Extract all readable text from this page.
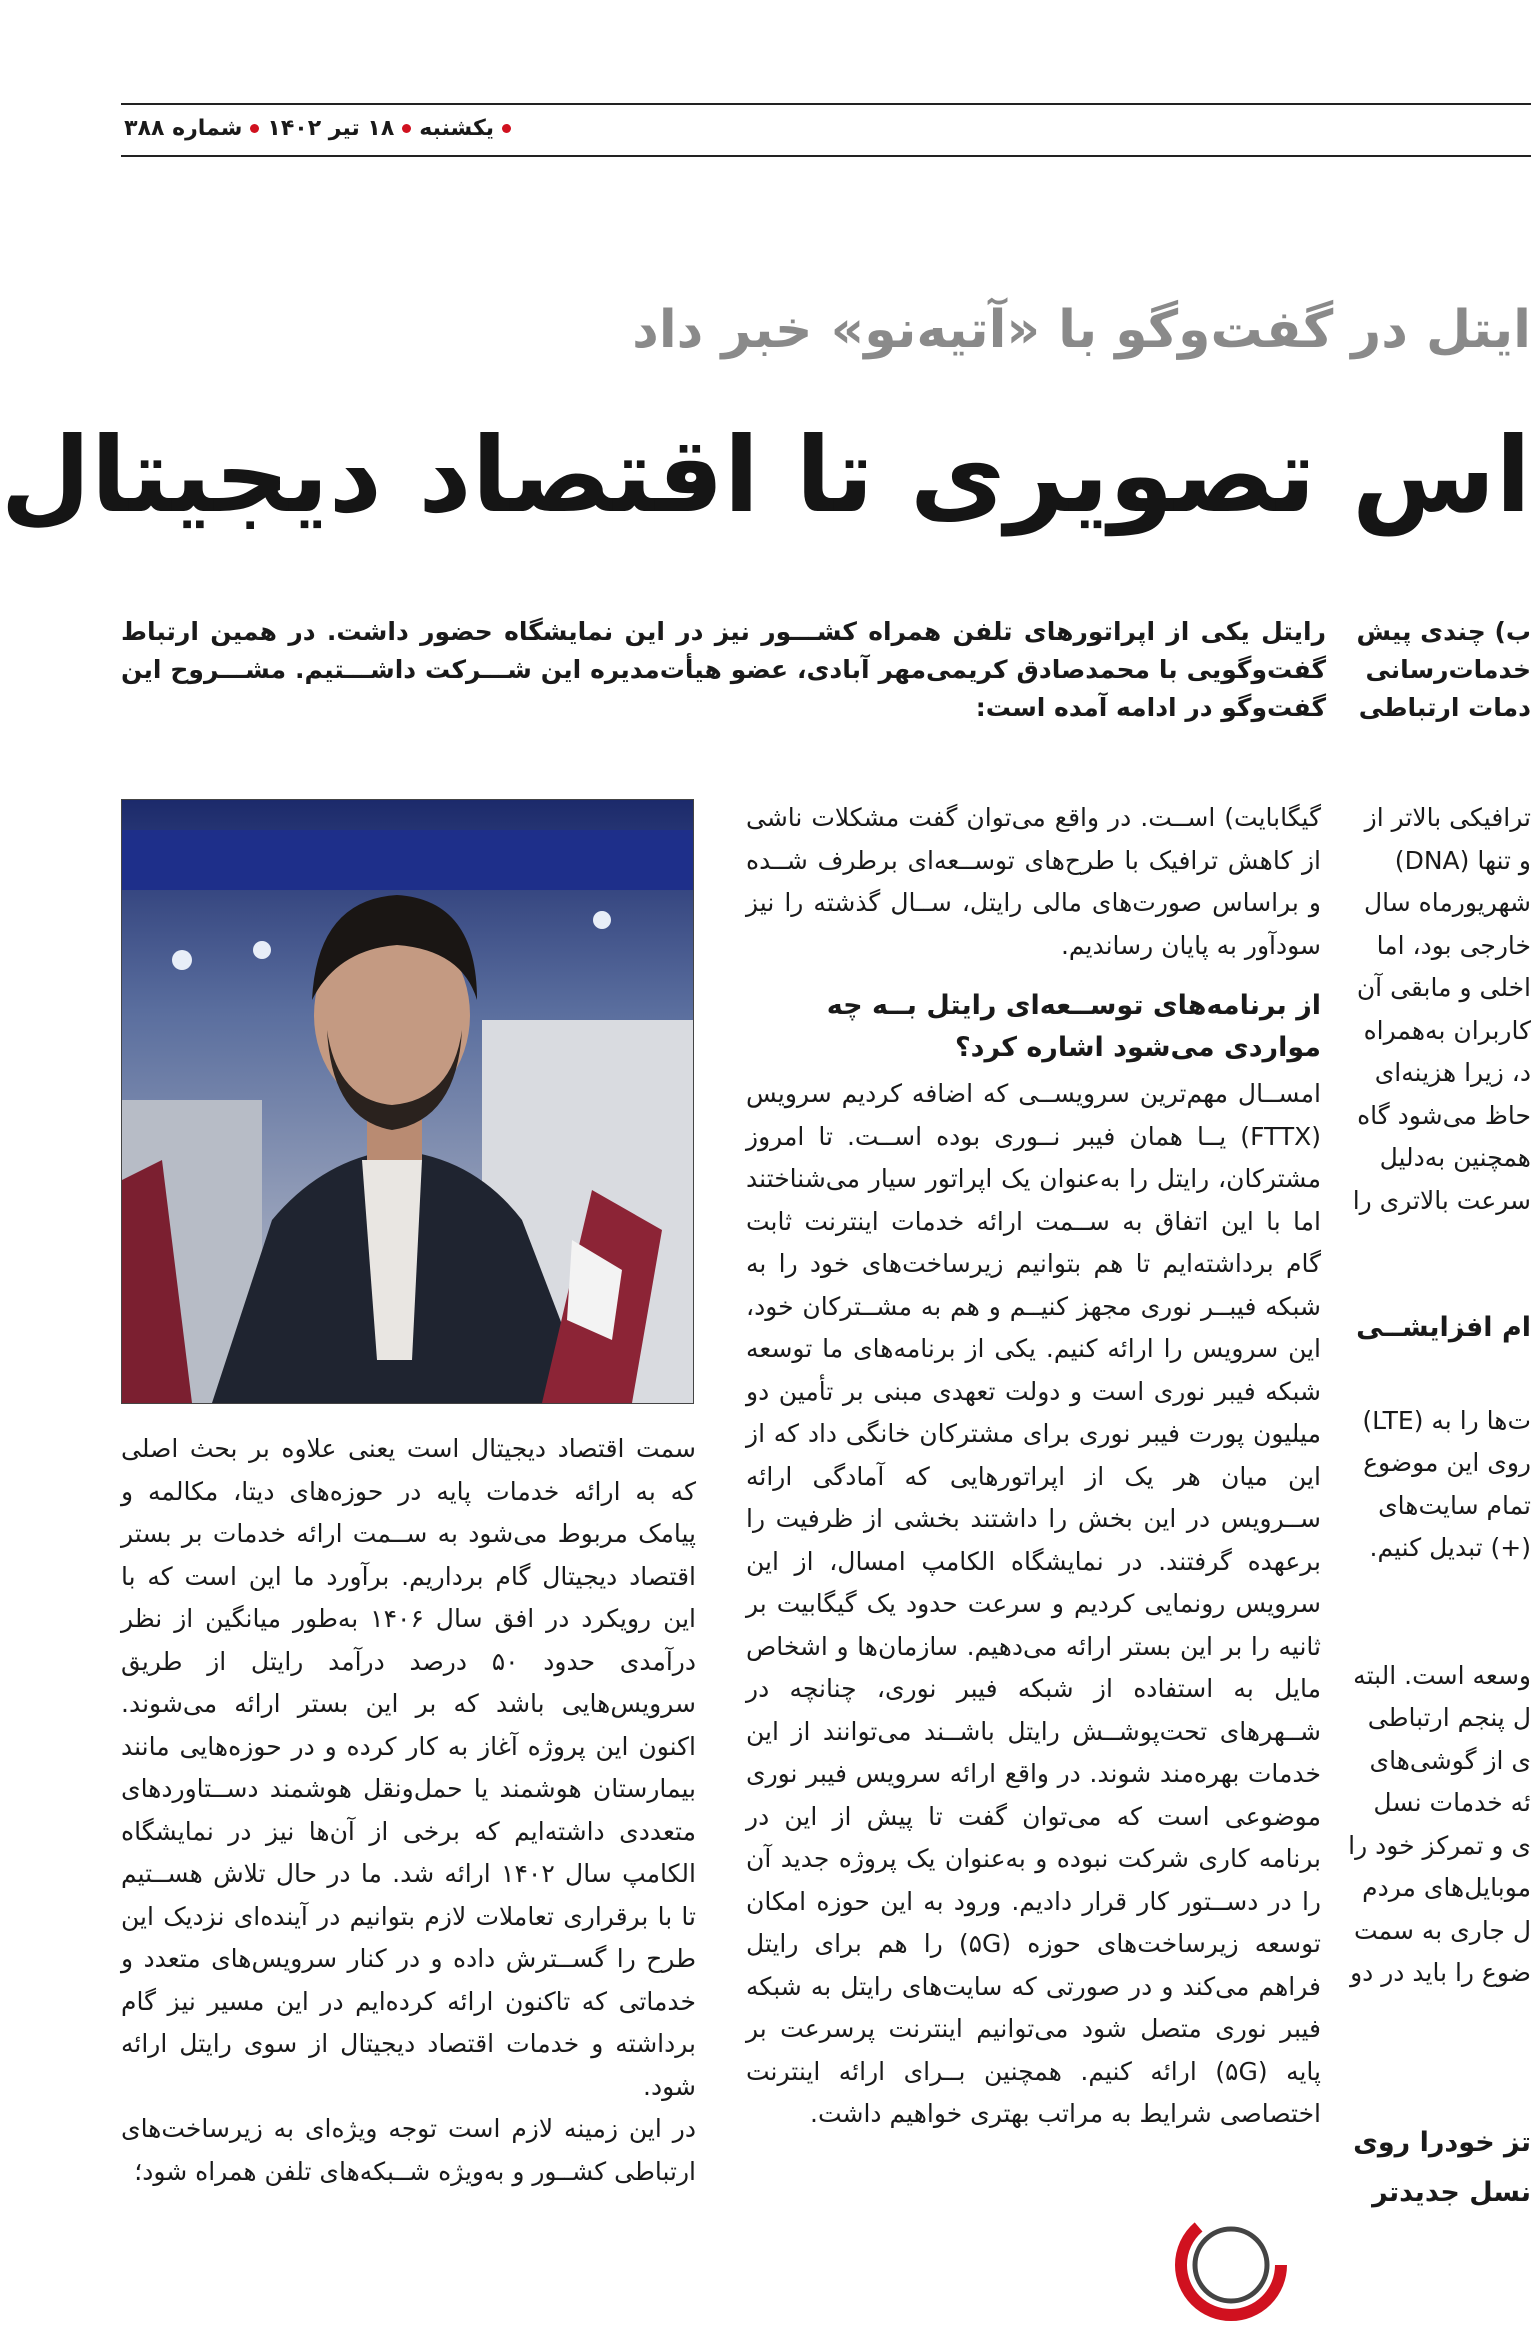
یکشنبه
۱۸ تیر ۱۴۰۲
شماره ۳۸۸
ایتل در گفت‌وگو با «آتیه‌نو» خبر داد
اس تصویری تا اقتصاد دیجیتال
رایتل یکی از اپراتورهای تلفن همراه کشـــور نیز در این نمایشگاه حضور داشت. در همین ارتباط گفت‌وگویی با محمدصادق کریمی‌مهر آبادی، عضو هیأت‌مدیره این شـــرکت داشـــتیم. مشـــروح این گفت‌وگو در ادامه آمده است:
ب) چندی پیش
خدمات‌رسانی
دمات ارتباطی

گیگابایت) اســت. در واقع می‌توان گفت مشکلات ناشی از کاهش ترافیک با طرح‌های توســعه‌ای برطرف شــده و براساس صورت‌های مالی رایتل، ســال گذشته را نیز سودآور به پایان رساندیم.

از برنامه‌های توســعه‌ای رایتل بــه چه مواردی می‌شود اشاره کرد؟

امســال مهم‌ترین سرویســی که اضافه کردیم سرویس (FTTX) یــا همان فیبر نــوری بوده اســت. تا امروز مشترکان، رایتل را به‌عنوان یک اپراتور سیار می‌شناختند اما با این اتفاق به ســمت ارائه خدمات اینترنت ثابت گام برداشته‌ایم تا هم بتوانیم زیرساخت‌های خود را به شبکه فیبــر نوری مجهز کنیــم و هم به مشــترکان خود، این سرویس را ارائه کنیم. یکی از برنامه‌های ما توسعه شبکه فیبر نوری است و دولت تعهدی مبنی بر تأمین دو میلیون پورت فیبر نوری برای مشترکان خانگی داد که از این میان هر یک از اپراتورهایی که آمادگی ارائه ســرویس در این بخش را داشتند بخشی از ظرفیت را برعهده گرفتند. در نمایشگاه الکامپ امسال، از این سرویس رونمایی کردیم و سرعت حدود یک گیگابیت بر ثانیه را بر این بستر ارائه می‌دهیم. سازمان‌ها و اشخاص مایل به استفاده از شبکه فیبر نوری، چنانچه در شــهرهای تحت‌پوشــش رایتل باشــند می‌توانند از این خدمات بهره‌مند شوند. در واقع ارائه سرویس فیبر نوری موضوعی است که می‌توان گفت تا پیش از این در برنامه کاری شرکت نبوده و به‌عنوان یک پروژه جدید آن را در دســتور کار قرار دادیم. ورود به این حوزه امکان توسعه زیرساخت‌های حوزه (۵G) را هم برای رایتل فراهم می‌کند و در صورتی که سایت‌های رایتل به شبکه فیبر نوری متصل شود می‌توانیم اینترنت پرسرعت بر پایه (۵G) ارائه کنیم. همچنین بــرای ارائه اینترنت اختصاصی شرایط به مراتب بهتری خواهیم داشت.

سمت اقتصاد دیجیتال است یعنی علاوه بر بحث اصلی که به ارائه خدمات پایه در حوزه‌های دیتا، مکالمه و پیامک مربوط می‌شود به ســمت ارائه خدمات بر بستر اقتصاد دیجیتال گام برداریم. برآورد ما این است که با این رویکرد در افق سال ۱۴۰۶ به‌طور میانگین از نظر درآمدی حدود ۵۰ درصد درآمد رایتل از طریق سرویس‌هایی باشد که بر این بستر ارائه می‌شوند. اکنون این پروژه آغاز به کار کرده و در حوزه‌هایی مانند بیمارستان هوشمند یا حمل‌ونقل هوشمند دســتاوردهای متعددی داشته‌ایم که برخی از آن‌ها نیز در نمایشگاه الکامپ سال ۱۴۰۲ ارائه شد. ما در حال تلاش هســتیم تا با برقراری تعاملات لازم بتوانیم در آینده‌ای نزدیک این طرح را گســترش داده و در کنار سرویس‌های متعدد و خدماتی که تاکنون ارائه کرده‌ایم در این مسیر نیز گام برداشته و خدمات اقتصاد دیجیتال از سوی رایتل ارائه شود.

در این زمینه لازم است توجه ویژه‌ای به زیرساخت‌های ارتباطی کشــور و به‌ویژه شــبکه‌های تلفن همراه شود؛

ترافیکی بالاتر از
و تنها (DNA)
شهریورماه سال
خارجی بود، اما
اخلی و مابقی آن
کاربران به‌همراه
د، زیرا هزینه‌ای
حاظ می‌شود گاه
همچنین به‌دلیل
سرعت بالاتری را
ام افزایشــی
ت‌ها را به (LTE)
روی این موضوع
تمام سایت‌های
(+) تبدیل کنیم.
وسعه است. البته
ل پنجم ارتباطی
ی از گوشی‌های
ئه خدمات نسل
ی و تمرکز خود را
موبایل‌های مردم
ل جاری به سمت
ضوع را باید در دو
تز خودرا روی
نسل جدیدتر
